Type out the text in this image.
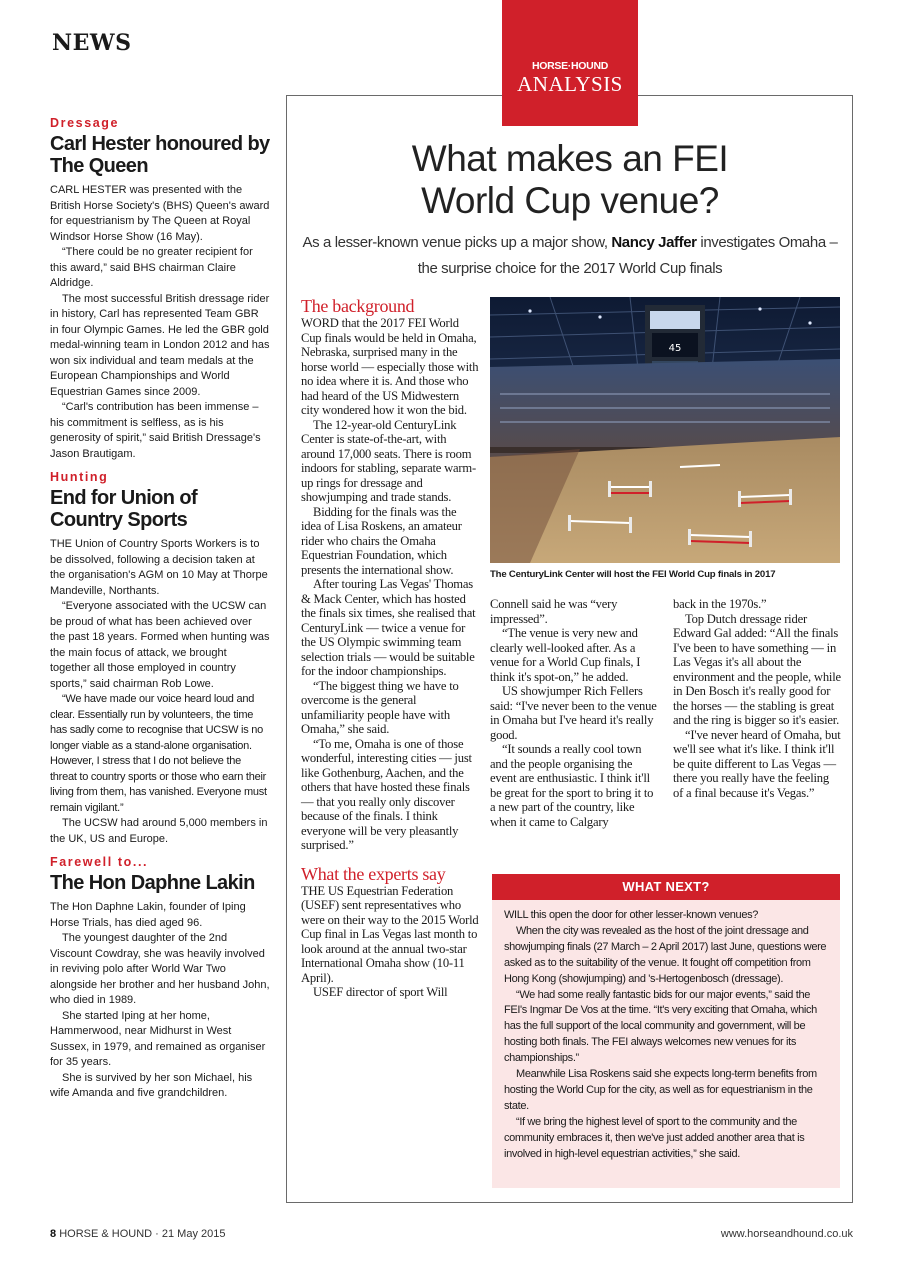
NEWS
Dressage
Carl Hester honoured by The Queen

CARL HESTER was presented with the British Horse Society's (BHS) Queen's award for equestrianism by The Queen at Royal Windsor Horse Show (16 May).

“There could be no greater recipient for this award,” said BHS chairman Claire Aldridge.

The most successful British dressage rider in history, Carl has represented Team GBR in four Olympic Games. He led the GBR gold medal-winning team in London 2012 and has won six individual and team medals at the European Championships and World Equestrian Games since 2009.

“Carl's contribution has been immense – his commitment is selfless, as is his generosity of spirit,” said British Dressage's Jason Brautigam.

Hunting
End for Union of Country Sports

THE Union of Country Sports Workers is to be dissolved, following a decision taken at the organisation's AGM on 10 May at Thorpe Mandeville, Northants.

“Everyone associated with the UCSW can be proud of what has been achieved over the past 18 years. Formed when hunting was the main focus of attack, we brought together all those employed in country sports,” said chairman Rob Lowe.

“We have made our voice heard loud and clear. Essentially run by volunteers, the time has sadly come to recognise that UCSW is no longer viable as a stand-alone organisation. However, I stress that I do not believe the threat to country sports or those who earn their living from them, has vanished. Everyone must remain vigilant.”

The UCSW had around 5,000 members in the UK, US and Europe.

Farewell to...
The Hon Daphne Lakin

The Hon Daphne Lakin, founder of Iping Horse Trials, has died aged 96.

The youngest daughter of the 2nd Viscount Cowdray, she was heavily involved in reviving polo after World War Two alongside her brother and her husband John, who died in 1989.

She started Iping at her home, Hammerwood, near Midhurst in West Sussex, in 1979, and remained as organiser for 35 years.

She is survived by her son Michael, his wife Amanda and five grandchildren.

HORSE·HOUND
ANALYSIS
What makes an FEI
World Cup venue?
As a lesser-known venue picks up a major show, Nancy Jaffer investigates Omaha – the surprise choice for the 2017 World Cup finals
The background

WORD that the 2017 FEI World Cup finals would be held in Omaha, Nebraska, surprised many in the horse world — especially those with no idea where it is. And those who had heard of the US Midwestern city wondered how it won the bid.

The 12-year-old CenturyLink Center is state-of-the-art, with around 17,000 seats. There is room indoors for stabling, separate warm-up rings for dressage and showjumping and trade stands.

Bidding for the finals was the idea of Lisa Roskens, an amateur rider who chairs the Omaha Equestrian Foundation, which presents the international show.

After touring Las Vegas' Thomas & Mack Center, which has hosted the finals six times, she realised that CenturyLink — twice a venue for the US Olympic swimming team selection trials — would be suitable for the indoor championships.

“The biggest thing we have to overcome is the general unfamiliarity people have with Omaha,” she said.

“To me, Omaha is one of those wonderful, interesting cities — just like Gothenburg, Aachen, and the others that have hosted these finals — that you really only discover because of the finals. I think everyone will be very pleasantly surprised.”

What the experts say

THE US Equestrian Federation (USEF) sent representatives who were on their way to the 2015 World Cup final in Las Vegas last month to look around at the annual two-star International Omaha show (10-11 April).

USEF director of sport Will

45
The CenturyLink Center will host the FEI World Cup finals in 2017

Connell said he was “very impressed”.

“The venue is very new and clearly well-looked after. As a venue for a World Cup finals, I think it's spot-on,” he added.

US showjumper Rich Fellers said: “I've never been to the venue in Omaha but I've heard it's really good.

“It sounds a really cool town and the people organising the event are enthusiastic. I think it'll be great for the sport to bring it to a new part of the country, like when it came to Calgary

back in the 1970s.”

Top Dutch dressage rider Edward Gal added: “All the finals I've been to have something — in Las Vegas it's all about the environment and the people, while in Den Bosch it's really good for the horses — the stabling is great and the ring is bigger so it's easier.

“I've never heard of Omaha, but we'll see what it's like. I think it'll be quite different to Las Vegas — there you really have the feeling of a final because it's Vegas.”

WHAT NEXT?

WILL this open the door for other lesser-known venues?

When the city was revealed as the host of the joint dressage and showjumping finals (27 March – 2 April 2017) last June, questions were asked as to the suitability of the venue. It fought off competition from Hong Kong (showjumping) and 's-Hertogenbosch (dressage).

“We had some really fantastic bids for our major events,” said the FEI's Ingmar De Vos at the time. “It's very exciting that Omaha, which has the full support of the local community and government, will be hosting both finals. The FEI always welcomes new venues for its championships.”

Meanwhile Lisa Roskens said she expects long-term benefits from hosting the World Cup for the city, as well as for equestrianism in the state.

“If we bring the highest level of sport to the community and the community embraces it, then we've just added another area that is involved in high-level equestrian activities,” she said.

8 HORSE & HOUND · 21 May 2015	www.horseandhound.co.uk
